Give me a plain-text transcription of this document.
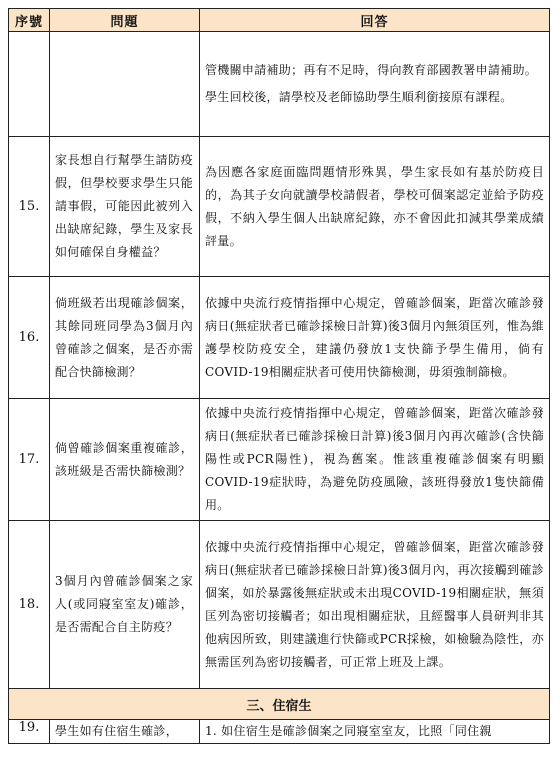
序號	問題	回答

		管機關申請補助；再有不足時，得向教育部國教署申請補助。

學生回校後，請學校及老師協助學生順利銜接原有課程。

15.	家長想自行幫學生請防疫假，但學校要求學生只能請事假，可能因此被列入出缺席紀錄，學生及家長如何確保自身權益？	為因應各家庭面臨問題情形殊異，學生家長如有基於防疫目的，為其子女向就讀學校請假者，學校可個案認定並給予防疫假，不納入學生個人出缺席紀錄，亦不會因此扣減其學業成績評量。

16.	倘班級若出現確診個案，其餘同班同學為3個月內曾確診之個案，是否亦需配合快篩檢測？	依據中央流行疫情指揮中心規定，曾確診個案，距當次確診發病日(無症狀者已確診採檢日計算)後3個月內無須匡列，惟為維護學校防疫安全，建議仍發放1支快篩予學生備用，倘有COVID-19相關症狀者可使用快篩檢測，毋須強制篩檢。

17.	倘曾確診個案重複確診，該班級是否需快篩檢測？	依據中央流行疫情指揮中心規定，曾確診個案，距當次確診發病日(無症狀者已確診採檢日計算)後3個月內再次確診(含快篩陽性或PCR陽性)，視為舊案。惟該重複確診個案有明顯COVID-19症狀時，為避免防疫風險，該班得發放1隻快篩備用。

18.	3個月內曾確診個案之家人(或同寢室室友)確診，是否需配合自主防疫？	依據中央流行疫情指揮中心規定，曾確診個案，距當次確診發病日(無症狀者已確診採檢日計算)後3個月內，再次接觸到確診個案，如於暴露後無症狀或未出現COVID-19相關症狀，無須匡列為密切接觸者；如出現相關症狀，且經醫事人員研判非其他病因所致，則建議進行快篩或PCR採檢，如檢驗為陰性，亦無需匡列為密切接觸者，可正常上班及上課。

三、住宿生		
19.	學生如有住宿生確診，	1. 如住宿生是確診個案之同寢室室友，比照「同住親
